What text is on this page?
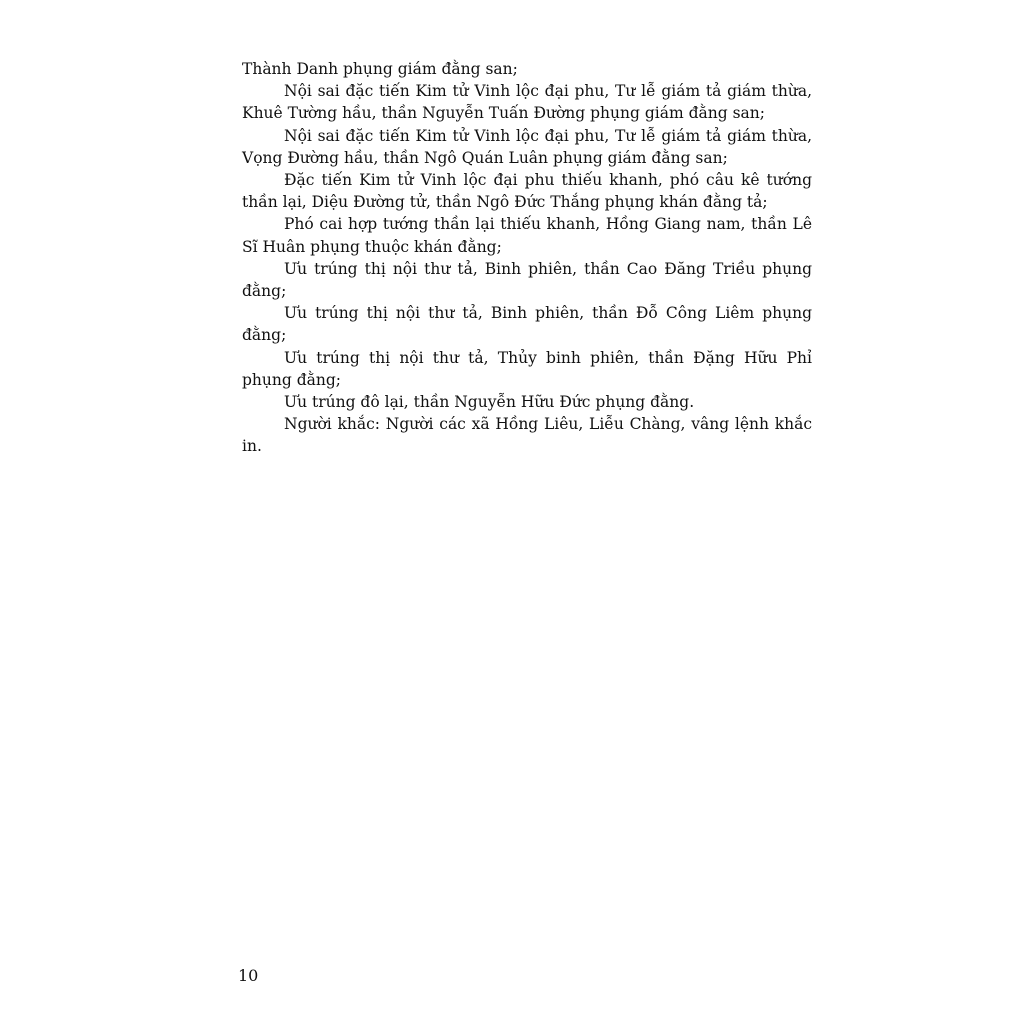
Thành Danh phụng giám đằng san;

Nội sai đặc tiến Kim tử Vinh lộc đại phu, Tư lễ giám tả giám thừa, Khuê Tường hầu, thần Nguyễn Tuấn Đường phụng giám đằng san;

Nội sai đặc tiến Kim tử Vinh lộc đại phu, Tư lễ giám tả giám thừa, Vọng Đường hầu, thần Ngô Quán Luân phụng giám đằng san;

Đặc tiến Kim tử Vinh lộc đại phu thiếu khanh, phó câu kê tướng thần lại, Diệu Đường tử, thần Ngô Đức Thắng phụng khán đằng tả;

Phó cai hợp tướng thần lại thiếu khanh, Hồng Giang nam, thần Lê Sĩ Huân phụng thuộc khán đằng;

Ưu trúng thị nội thư tả, Binh phiên, thần Cao Đăng Triều phụng đằng;

Ưu trúng thị nội thư tả, Binh phiên, thần Đỗ Công Liêm phụng đằng;

Ưu trúng thị nội thư tả, Thủy binh phiên, thần Đặng Hữu Phỉ phụng đằng;

Ưu trúng đô lại, thần Nguyễn Hữu Đức phụng đằng.

Người khắc: Người các xã Hồng Liêu, Liễu Chàng, vâng lệnh khắc in.

10
